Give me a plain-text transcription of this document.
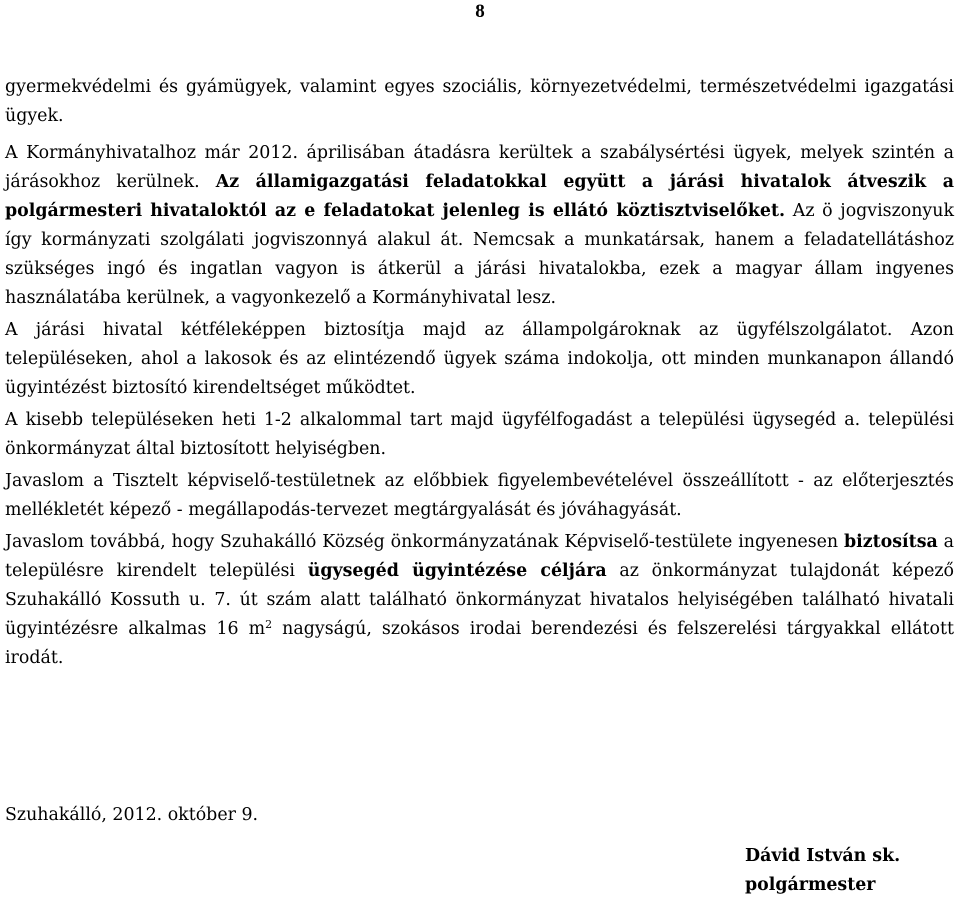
8

gyermekvédelmi és gyámügyek, valamint egyes szociális, környezetvédelmi, természetvédelmi igazgatási ügyek.

A Kormányhivatalhoz már 2012. áprilisában átadásra kerültek a szabálysértési ügyek, melyek szintén a járásokhoz kerülnek. Az államigazgatási feladatokkal együtt a járási hivatalok átveszik a polgármesteri hivataloktól az e feladatokat jelenleg is ellátó köztisztviselőket. Az ö jogviszonyuk így kormányzati szolgálati jogviszonnyá alakul át. Nemcsak a munkatársak, hanem a feladatellátáshoz szükséges ingó és ingatlan vagyon is átkerül a járási hivatalokba, ezek a magyar állam ingyenes használatába kerülnek, a vagyonkezelő a Kormányhivatal lesz.

A járási hivatal kétféleképpen biztosítja majd az állampolgároknak az ügyfélszolgálatot. Azon településeken, ahol a lakosok és az elintézendő ügyek száma indokolja, ott minden munkanapon állandó ügyintézést biztosító kirendeltséget működtet.

A kisebb településeken heti 1-2 alkalommal tart majd ügyfélfogadást a települési ügysegéd a. települési önkormányzat által biztosított helyiségben.

Javaslom a Tisztelt képviselő-testületnek az előbbiek figyelembevételével összeállított - az előterjesztés mellékletét képező - megállapodás-tervezet megtárgyalását és jóváhagyását.

Javaslom továbbá, hogy Szuhakálló Község önkormányzatának Képviselő-testülete ingyenesen biztosítsa a településre kirendelt települési ügysegéd ügyintézése céljára az önkormányzat tulajdonát képező Szuhakálló Kossuth u. 7. út szám alatt található önkormányzat hivatalos helyiségében található hivatali ügyintézésre alkalmas 16 $m^2$ nagyságú, szokásos irodai berendezési és felszerelési tárgyakkal ellátott irodát.

Szuhakálló, 2012. október 9.
Dávid István sk.
polgármester
